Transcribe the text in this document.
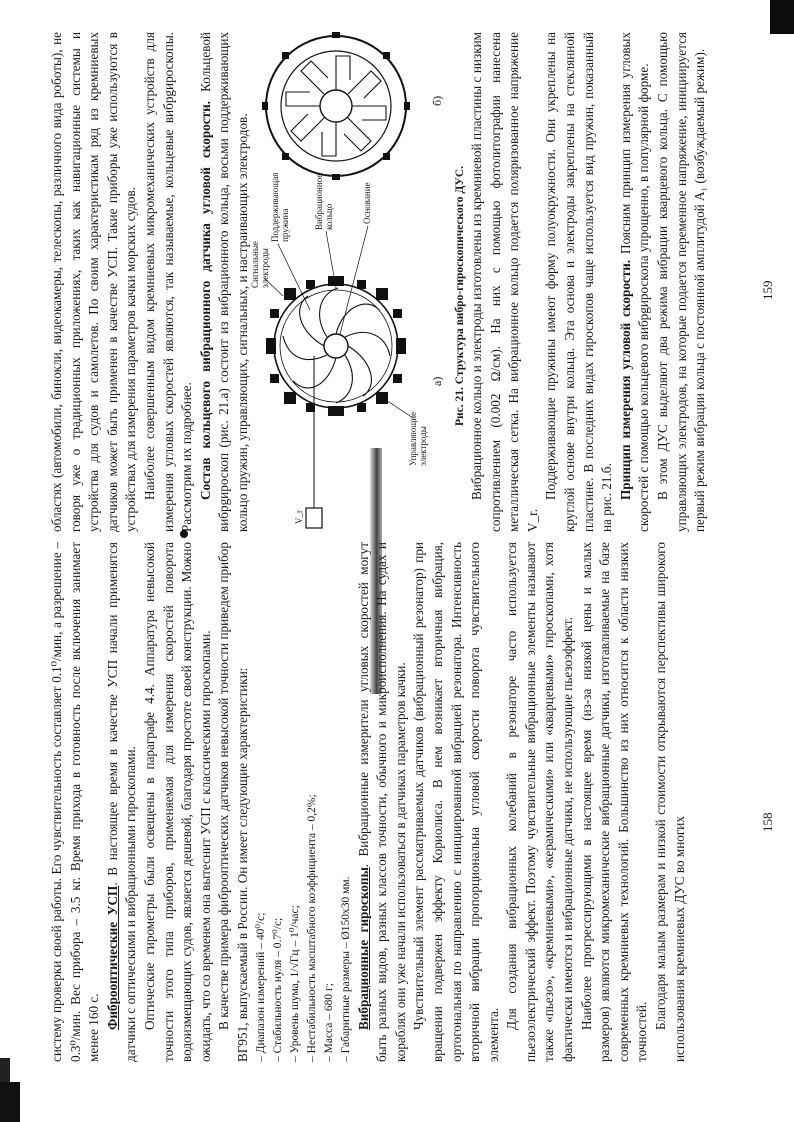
систему проверки своей работы. Его чувствительность составляет 0.1⁰/мин, а разрешение – 0.3⁰/мин. Вес прибора – 3.5 кг. Время прихода в готовность после включения занимает менее 160 с. Фиброоптические УСП. В настоящее время в качестве УСП начали применятся датчики с оптическими и вибрационными гироскопами. Оптические гирометры были освещены в параграфе 4.4. Аппаратура невысокой точности этого типа приборов, применяемая для измерения скоростей поворота водоизмещающих судов, является дешевой, благодаря простоте своей конструкции. Можно ожидать, что со временем она вытеснит УСП с классическими гироскопами. В качестве примера фиброоптических датчиков невысокой точности приведем прибор ВГ951, выпускаемый в России. Он имеет следующие характеристики: – Диапазон измерений – 40⁰/с; – Стабильность нуля – 0.7⁰/с; – Уровень шума, 1/√Гц – 1⁰/час; – Нестабильность масштабного коэффициента – 0,2%; – Масса – 680 г; – Габаритные размеры – Ø150x30 мм. Вибрационные гироскопы. Вибрационные измерители угловых скоростей могут быть разных видов, разных классов точности, обычного и микроисполнения. На судах и кораблях они уже начали использоваться в датчиках параметров качки. Чувствительный элемент рассматриваемых датчиков (вибрационный резонатор) при вращении подвержен эффекту Кориолиса. В нем возникает вторичная вибрация, ортогональная по направлению с инициированной вибрацией резонатора. Интенсивность вторичной вибрации пропорциональна угловой скорости поворота чувствительного элемента.

Для создания вибрационных колебаний в резонаторе часто используется пьезоэлектрический эффект. Поэтому чувствительные вибрационные элементы называют также «пьезо», «кремниевыми», «керамическими» или «кварцевыми» гироскопами, хотя фактически имеются и вибрационные датчики, не использующие пьезоэффект. Наиболее прогрессирующими в настоящее время (из-за низкой цены и малых размеров) являются микромеханические вибрационные датчики, изготавливаемые на базе современных кремниевых технологий. Большинство из них относится к области низких точностей.

Благодаря малым размерам и низкой стоимости открываются перспективы широкого использования кремниевых ДУС во многих	158

областях (автомобили, бинокли, видеокамеры, телескопы, различного вида роботы), не говоря уже о традиционных приложениях, таких как навигационные системы и устройства для судов и самолетов. По своим характеристикам ряд из кремниевых датчиков может быть применен в качестве УСП. Такие приборы уже используются в устройствах для измерения параметров качки морских судов. Наиболее совершенным видом кремниевых микромеханических устройств для измерения угловых скоростей являются, так называемые, кольцевые вибрgироскопы. Рассмотрим их подробнее. Состав кольцевого вибрационного датчика угловой скорости. Кольцевой вибрgироскоп (рис. 21.а) состоит из вибрационного кольца, восьми поддерживающих кольцо пружин, управляющих, сигнальных, и настраивающих электродов.	V_r
Сигнальные электроды
Поддерживающая пружина	Вибрационное кольцо	Основание
Управляющие электроды
а)
б)
Рис. 21. Структура вибро-гироскопического ДУС. Вибрационное кольцо и электроды изготовлены из кремниевой пластины с низким сопротивлением (0.002 Ω/см). На них с помощью фотолитографии нанесена металлическая сетка. На вибрационное кольцо подается поляризованное напряжение V_r.

Поддерживающие пружины имеют форму полуокружности. Они укреплены на круглой основе внутри кольца. Эта основа и электроды закреплены на стеклянной пластине. В последних видах гироскопов чаще используется вид пружин, показанный на рис. 21.б. Принцип измерения угловой скорости. Поясним принцип измерения угловых скоростей с помощью кольцевого вибрgироскопа упрощенно, в популярной форме. В этом ДУС выделяют два режима вибрации кварцевого кольца. С помощью управляющих электродов, на которые подается переменное напряжение, инициируется первый режим вибрации кольца с постоянной амплитудой A₁ (возбуждаемый режим).	159
